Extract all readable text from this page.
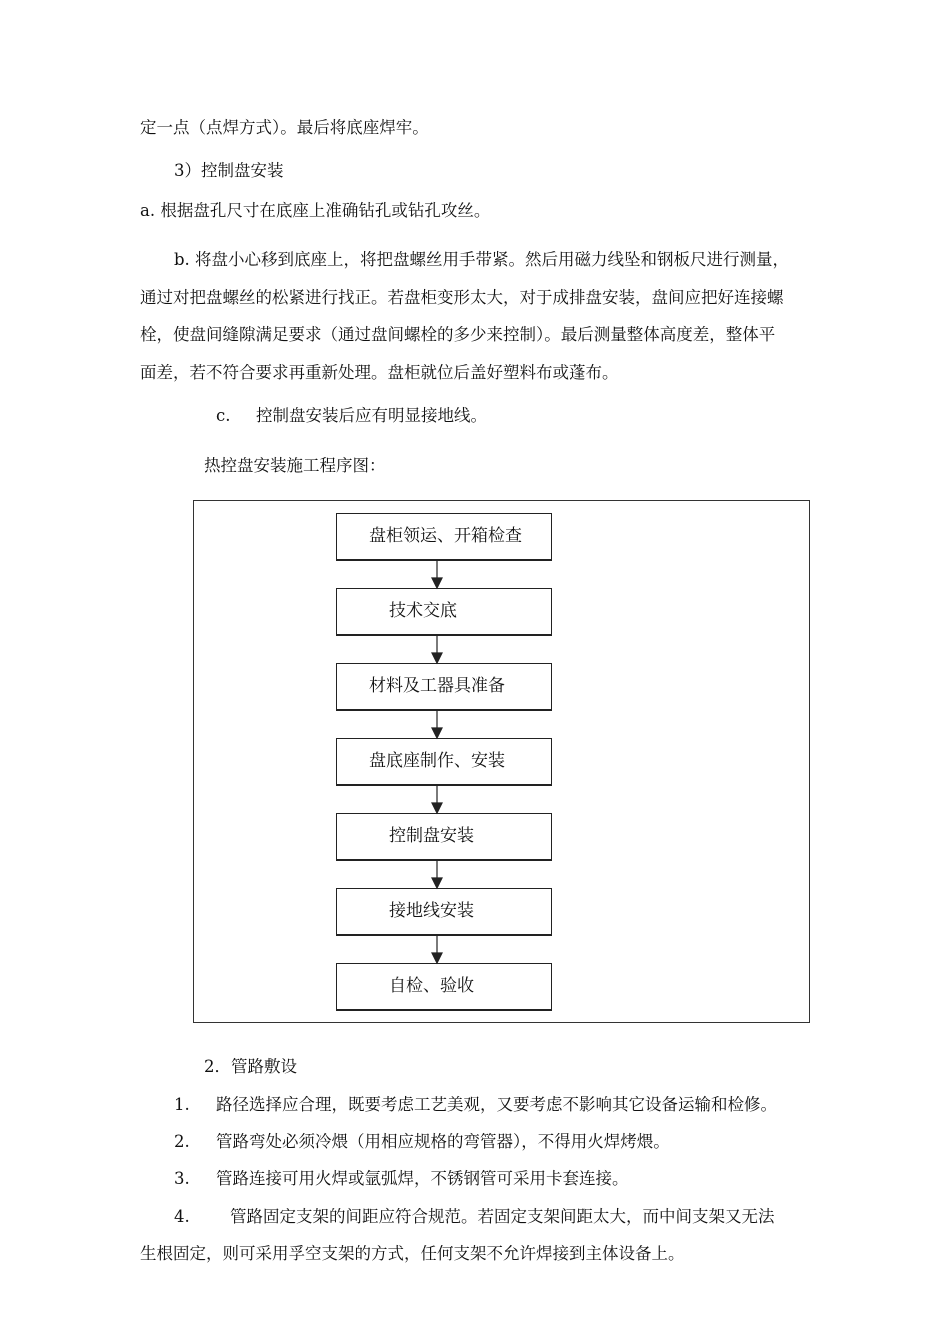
定一点（点焊方式）。最后将底座焊牢。
3）控制盘安装
a. 根据盘孔尺寸在底座上准确钻孔或钻孔攻丝。
b. 将盘小心移到底座上，将把盘螺丝用手带紧。然后用磁力线坠和钢板尺进行测量，
通过对把盘螺丝的松紧进行找正。若盘柜变形太大，对于成排盘安装，盘间应把好连接螺
栓，使盘间缝隙满足要求（通过盘间螺栓的多少来控制）。最后测量整体高度差，整体平
面差，若不符合要求再重新处理。盘柜就位后盖好塑料布或蓬布。
c. 控制盘安装后应有明显接地线。
热控盘安装施工程序图：
盘柜领运、开箱检查
技术交底
材料及工器具准备
盘底座制作、安装
控制盘安装
接地线安装
自检、验收
2．管路敷设
1. 路径选择应合理，既要考虑工艺美观，又要考虑不影响其它设备运输和检修。
2. 管路弯处必须冷煨（用相应规格的弯管器），不得用火焊烤煨。
3. 管路连接可用火焊或氩弧焊，不锈钢管可采用卡套连接。
4. 管路固定支架的间距应符合规范。若固定支架间距太大，而中间支架又无法
生根固定，则可采用孚空支架的方式，任何支架不允许焊接到主体设备上。
